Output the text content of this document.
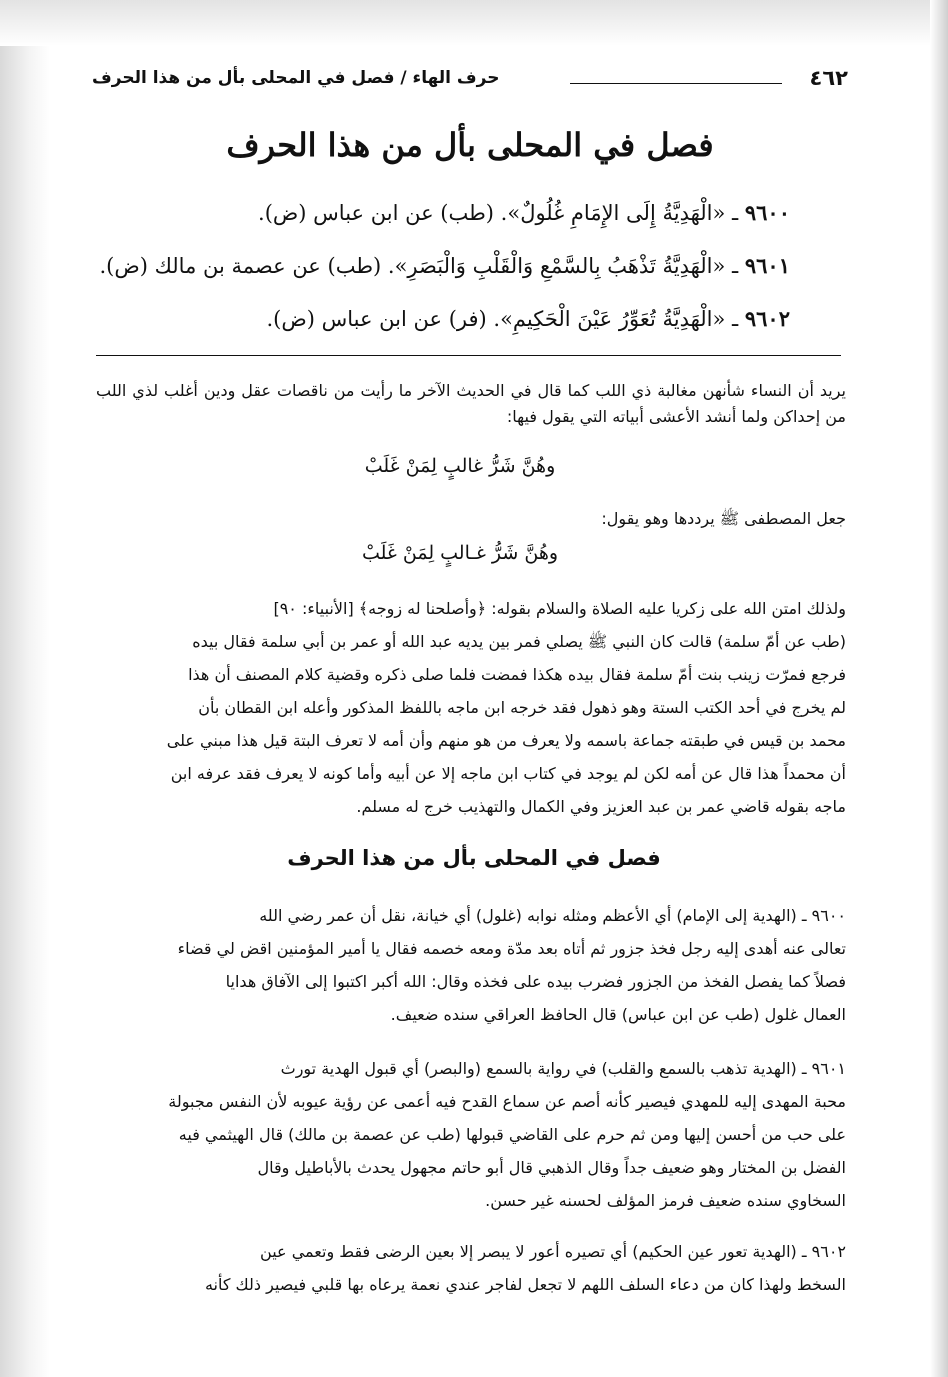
٤٦٢
حرف الهاء / فصل في المحلى بأل من هذا الحرف
فصل في المحلى بأل من هذا الحرف
٩٦٠٠ ـ «الْهَدِيَّةُ إِلَى الإِمَامِ غُلُولٌ». (طب) عن ابن عباس (ض).
٩٦٠١ ـ «الْهَدِيَّةُ تَذْهَبُ بِالسَّمْعِ وَالْقَلْبِ وَالْبَصَرِ». (طب) عن عصمة بن مالك (ض).
٩٦٠٢ ـ «الْهَدِيَّةُ تُعَوِّرُ عَيْنَ الْحَكِيمِ». (فر) عن ابن عباس (ض).
يريد أن النساء شأنهن مغالبة ذي اللب كما قال في الحديث الآخر ما رأيت من ناقصات عقل ودين أغلب لذي اللب من إحداكن ولما أنشد الأعشى أبياته التي يقول فيها:
وهُنَّ شَرُّ غالبٍ لِمَنْ غَلَبْ
جعل المصطفى ﷺ يرددها وهو يقول:
وهُنَّ شَرُّ غـالبٍ لِمَنْ غَلَبْ
ولذلك امتن الله على زكريا عليه الصلاة والسلام بقوله: ﴿وأصلحنا له زوجه﴾ [الأنبياء: ٩٠]
(طب عن أمّ سلمة) قالت كان النبي ﷺ يصلي فمر بين يديه عبد الله أو عمر بن أبي سلمة فقال بيده
فرجع فمرّت زينب بنت أمّ سلمة فقال بيده هكذا فمضت فلما صلى ذكره وقضية كلام المصنف أن هذا
لم يخرج في أحد الكتب الستة وهو ذهول فقد خرجه ابن ماجه باللفظ المذكور وأعله ابن القطان بأن
محمد بن قيس في طبقته جماعة باسمه ولا يعرف من هو منهم وأن أمه لا تعرف البتة قيل هذا مبني على
أن محمداً هذا قال عن أمه لكن لم يوجد في كتاب ابن ماجه إلا عن أبيه وأما كونه لا يعرف فقد عرفه ابن
ماجه بقوله قاضي عمر بن عبد العزيز وفي الكمال والتهذيب خرج له مسلم.
فصل في المحلى بأل من هذا الحرف
٩٦٠٠ ـ (الهدية إلى الإمام) أي الأعظم ومثله نوابه (غلول) أي خيانة، نقل أن عمر رضي الله
تعالى عنه أهدى إليه رجل فخذ جزور ثم أتاه بعد مدّة ومعه خصمه فقال يا أمير المؤمنين اقض لي قضاء
فصلاً كما يفصل الفخذ من الجزور فضرب بيده على فخذه وقال: الله أكبر اكتبوا إلى الآفاق هدايا
العمال غلول (طب عن ابن عباس) قال الحافظ العراقي سنده ضعيف.
٩٦٠١ ـ (الهدية تذهب بالسمع والقلب) في رواية بالسمع (والبصر) أي قبول الهدية تورث
محبة المهدى إليه للمهدي فيصير كأنه أصم عن سماع القدح فيه أعمى عن رؤية عيوبه لأن النفس مجبولة
على حب من أحسن إليها ومن ثم حرم على القاضي قبولها (طب عن عصمة بن مالك) قال الهيثمي فيه
الفضل بن المختار وهو ضعيف جداً وقال الذهبي قال أبو حاتم مجهول يحدث بالأباطيل وقال
السخاوي سنده ضعيف فرمز المؤلف لحسنه غير حسن.
٩٦٠٢ ـ (الهدية تعور عين الحكيم) أي تصيره أعور لا يبصر إلا بعين الرضى فقط وتعمي عين
السخط ولهذا كان من دعاء السلف اللهم لا تجعل لفاجر عندي نعمة يرعاه بها قلبي فيصير ذلك كأنه
